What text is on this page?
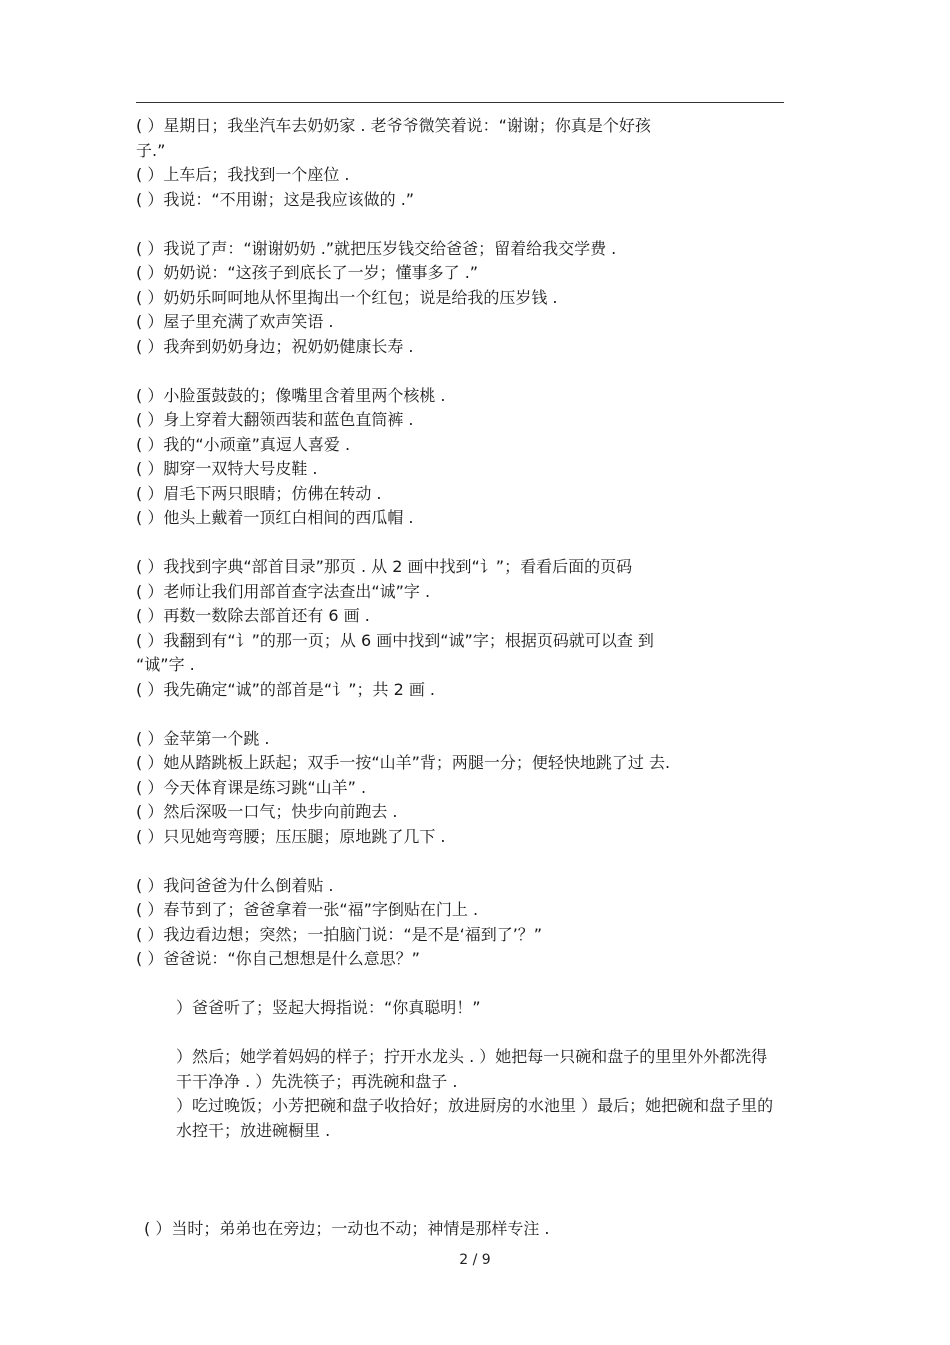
( ）星期日；我坐汽车去奶奶家 . 老爷爷微笑着说：“谢谢；你真是个好孩
子.”
( ）上车后；我找到一个座位 .
( ）我说：“不用谢；这是我应该做的 .”
( ）我说了声：“谢谢奶奶 .”就把压岁钱交给爸爸；留着给我交学费 .
( ）奶奶说：“这孩子到底长了一岁；懂事多了 .”
( ）奶奶乐呵呵地从怀里掏出一个红包；说是给我的压岁钱 .
( ）屋子里充满了欢声笑语 .
( ）我奔到奶奶身边；祝奶奶健康长寿 .
( ）小脸蛋鼓鼓的；像嘴里含着里两个核桃 .
( ）身上穿着大翻领西装和蓝色直筒裤 .
( ）我的“小顽童”真逗人喜爱 .
( ）脚穿一双特大号皮鞋 .
( ）眉毛下两只眼睛；仿佛在转动 .
( ）他头上戴着一顶红白相间的西瓜帽 .
( ）我找到字典“部首目录”那页 . 从 2 画中找到“讠”；看看后面的页码
( ）老师让我们用部首查字法查出“诚”字 .
( ）再数一数除去部首还有 6 画 .
( ）我翻到有“讠”的那一页；从 6 画中找到“诚”字；根据页码就可以查 到
“诚”字 .
( ）我先确定“诚”的部首是“讠”；共 2 画 .
( ）金苹第一个跳 .
( ）她从踏跳板上跃起；双手一按“山羊”背；两腿一分；便轻快地跳了过 去.
( ）今天体育课是练习跳“山羊” .
( ）然后深吸一口气；快步向前跑去 .
( ）只见她弯弯腰；压压腿；原地跳了几下 .
( ）我问爸爸为什么倒着贴 .
( ）春节到了；爸爸拿着一张“福”字倒贴在门上 .
( ）我边看边想；突然；一拍脑门说：“是不是‘福到了’？”
( ）爸爸说：“你自己想想是什么意思？”
）爸爸听了；竖起大拇指说：“你真聪明！”
）然后；她学着妈妈的样子；拧开水龙头 . ）她把每一只碗和盘子的里里外外都洗得干干净净 . ）先洗筷子；再洗碗和盘子 .
）吃过晚饭；小芳把碗和盘子收拾好；放进厨房的水池里 ）最后；她把碗和盘子里的水控干；放进碗橱里 .
( ）当时；弟弟也在旁边；一动也不动；神情是那样专注 .
2 / 9
